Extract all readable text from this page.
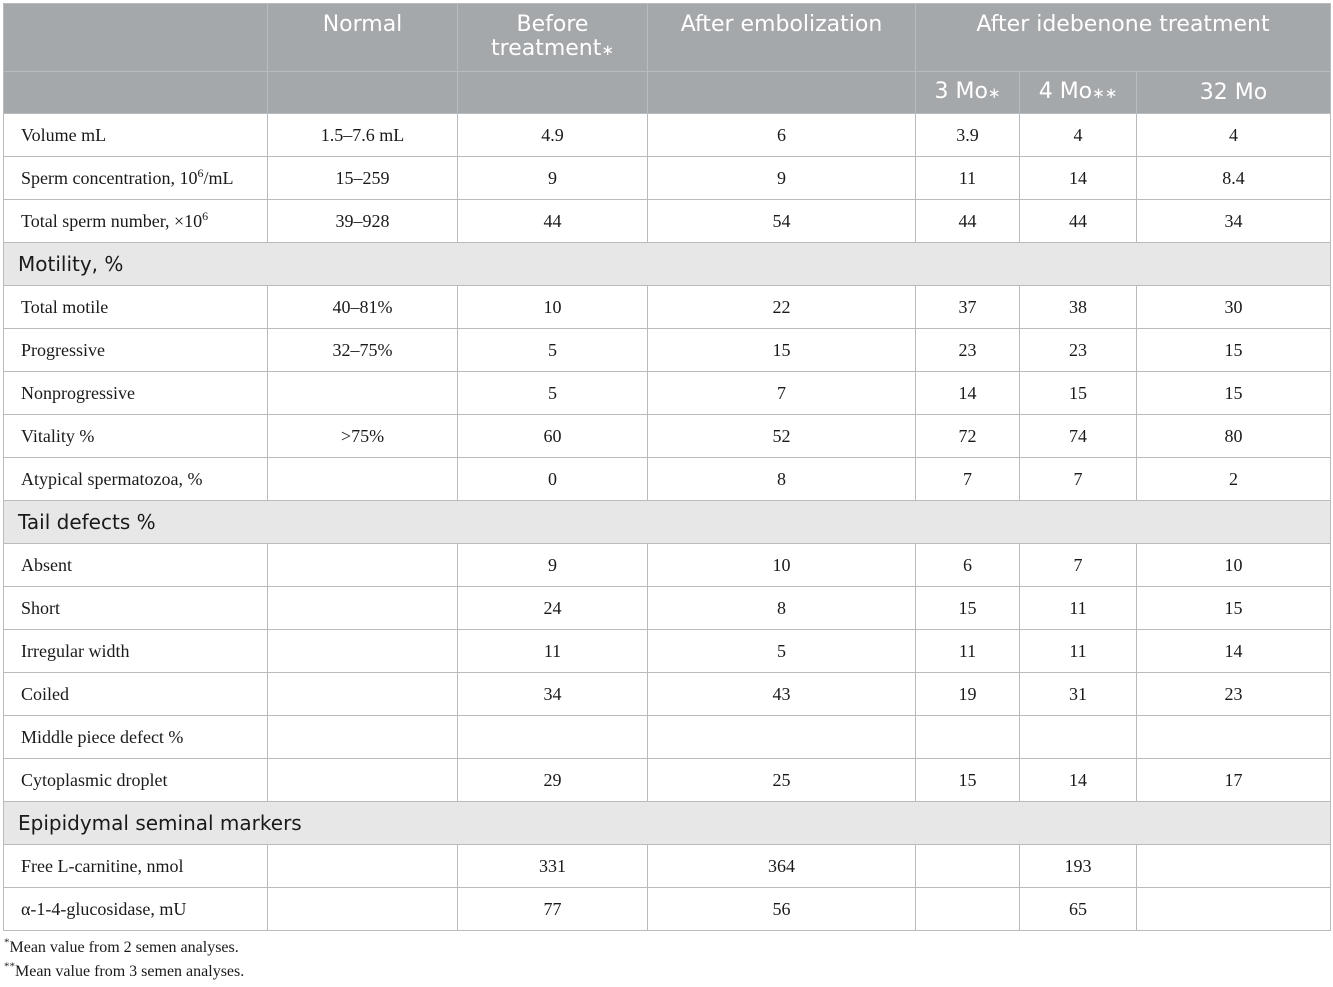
	Normal	Before treatment∗	After embolization	After idebenone treatment		
				3 Mo∗	4 Mo∗∗	32 Mo
Volume mL	1.5–7.6 mL	4.9	6	3.9	4	4
Sperm concentration, $10^6/mL$	15–259	9	9	11	14	8.4
Total sperm number, $\times 10^6$	39–928	44	54	44	44	34
Motility, %						
Total motile	40–81%	10	22	37	38	30
Progressive	32–75%	5	15	23	23	15
Nonprogressive		5	7	14	15	15
Vitality %	>75%	60	52	72	74	80
Atypical spermatozoa, %		0	8	7	7	2
Tail defects %						
Absent		9	10	6	7	10
Short		24	8	15	11	15
Irregular width		11	5	11	11	14
Coiled		34	43	19	31	23
Middle piece defect %						
Cytoplasmic droplet		29	25	15	14	17
Epipidymal seminal markers						
Free L-carnitine, nmol		331	364		193	
α-1-4-glucosidase, mU		77	56		65	
*Mean value from 2 semen analyses.
**Mean value from 3 semen analyses.
